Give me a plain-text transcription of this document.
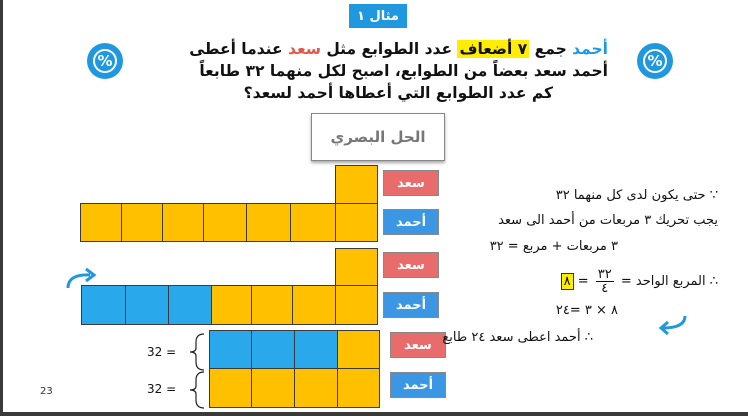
مثال ١
%	%
أحمد جمع ٧ أضعاف عدد الطوابع مثل سعد عندما أعطى
أحمد سعد بعضاً من الطوابع، اصبح لكل منهما ٣٢ طابعاً
كم عدد الطوابع التي أعطاها أحمد لسعد؟
الحل البصري
سعد
أحمد
سعد
أحمد
سعد
أحمد
32 =
32 =
∵ حتى يكون لدى كل منهما ٣٢
يجب تحريك ٣ مربعات من أحمد الى سعد
٣ مربعات + مربع = ٣٢
∴ المربع الواحد =
٣٢
٤
= ٨
٨ × ٣ =٢٤
∴ أحمد اعطى سعد ٢٤ طابع
23
